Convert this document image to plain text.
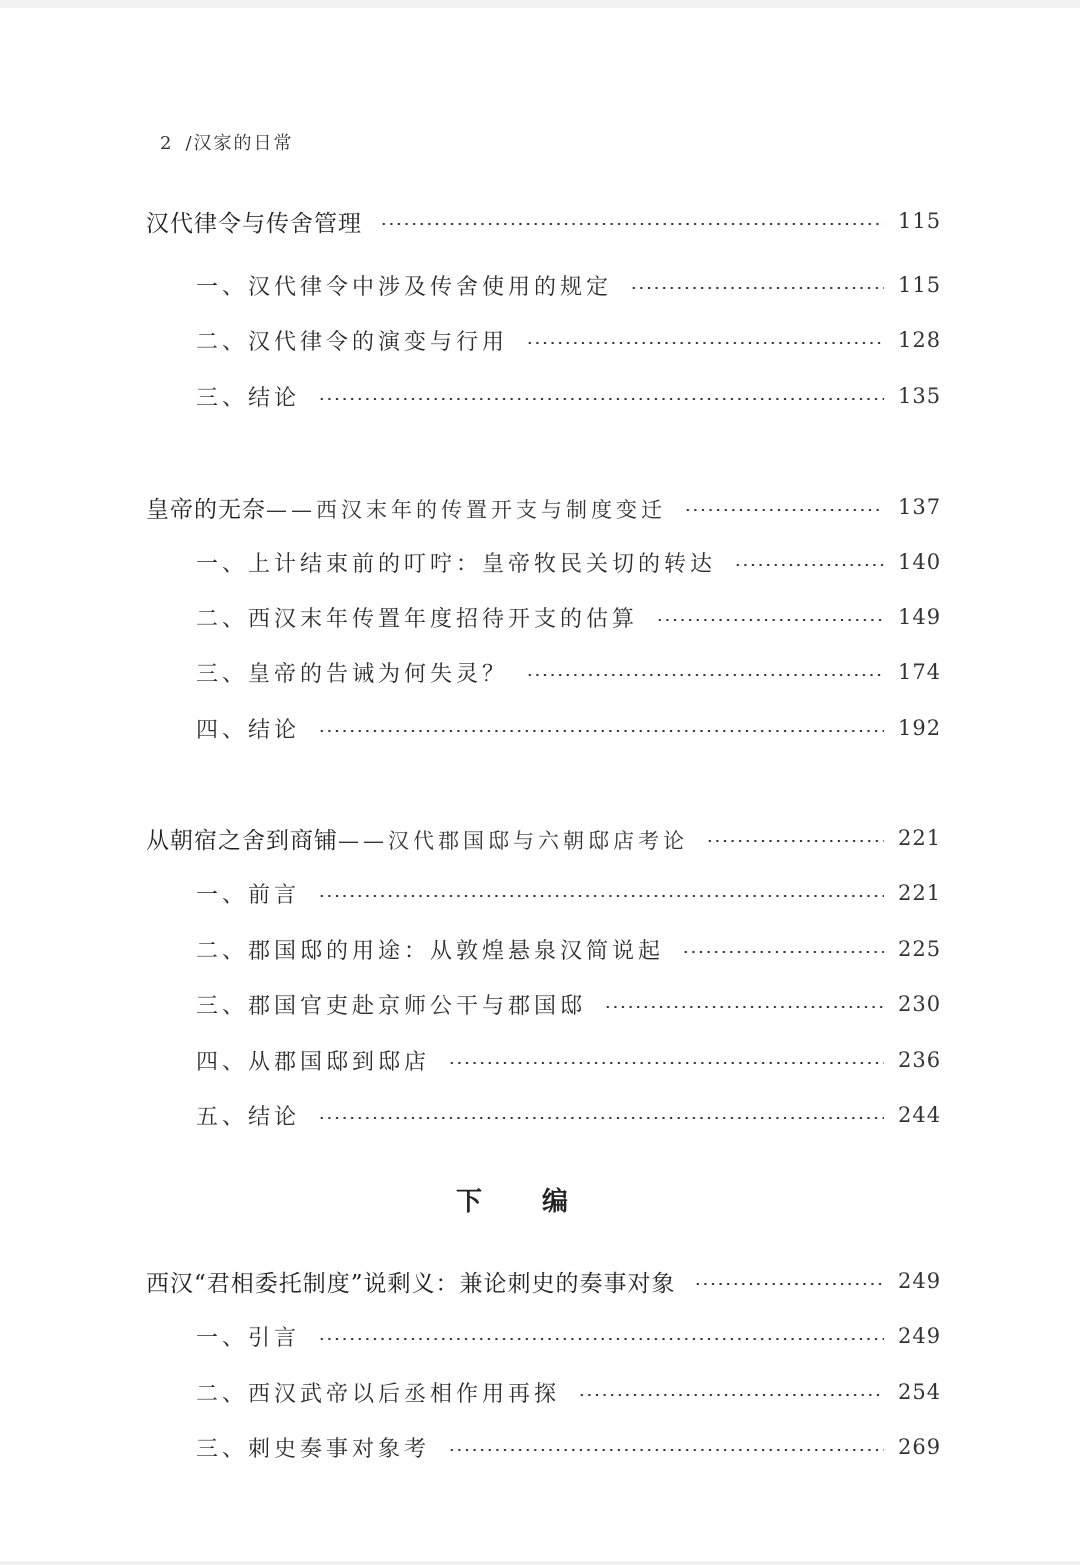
2 /汉家的日常
汉代律令与传舍管理	115
一、汉代律令中涉及传舍使用的规定	115
二、汉代律令的演变与行用	128
三、结论	135
皇帝的无奈——西汉末年的传置开支与制度变迁	137
一、上计结束前的叮咛：皇帝牧民关切的转达	140
二、西汉末年传置年度招待开支的估算	149
三、皇帝的告诫为何失灵？	174
四、结论	192
从朝宿之舍到商铺——汉代郡国邸与六朝邸店考论	221
一、前言	221
二、郡国邸的用途：从敦煌悬泉汉简说起	225
三、郡国官吏赴京师公干与郡国邸	230
四、从郡国邸到邸店	236
五、结论	244
下编
西汉“君相委托制度”说剩义：兼论刺史的奏事对象	249
一、引言	249
二、西汉武帝以后丞相作用再探	254
三、刺史奏事对象考	269
